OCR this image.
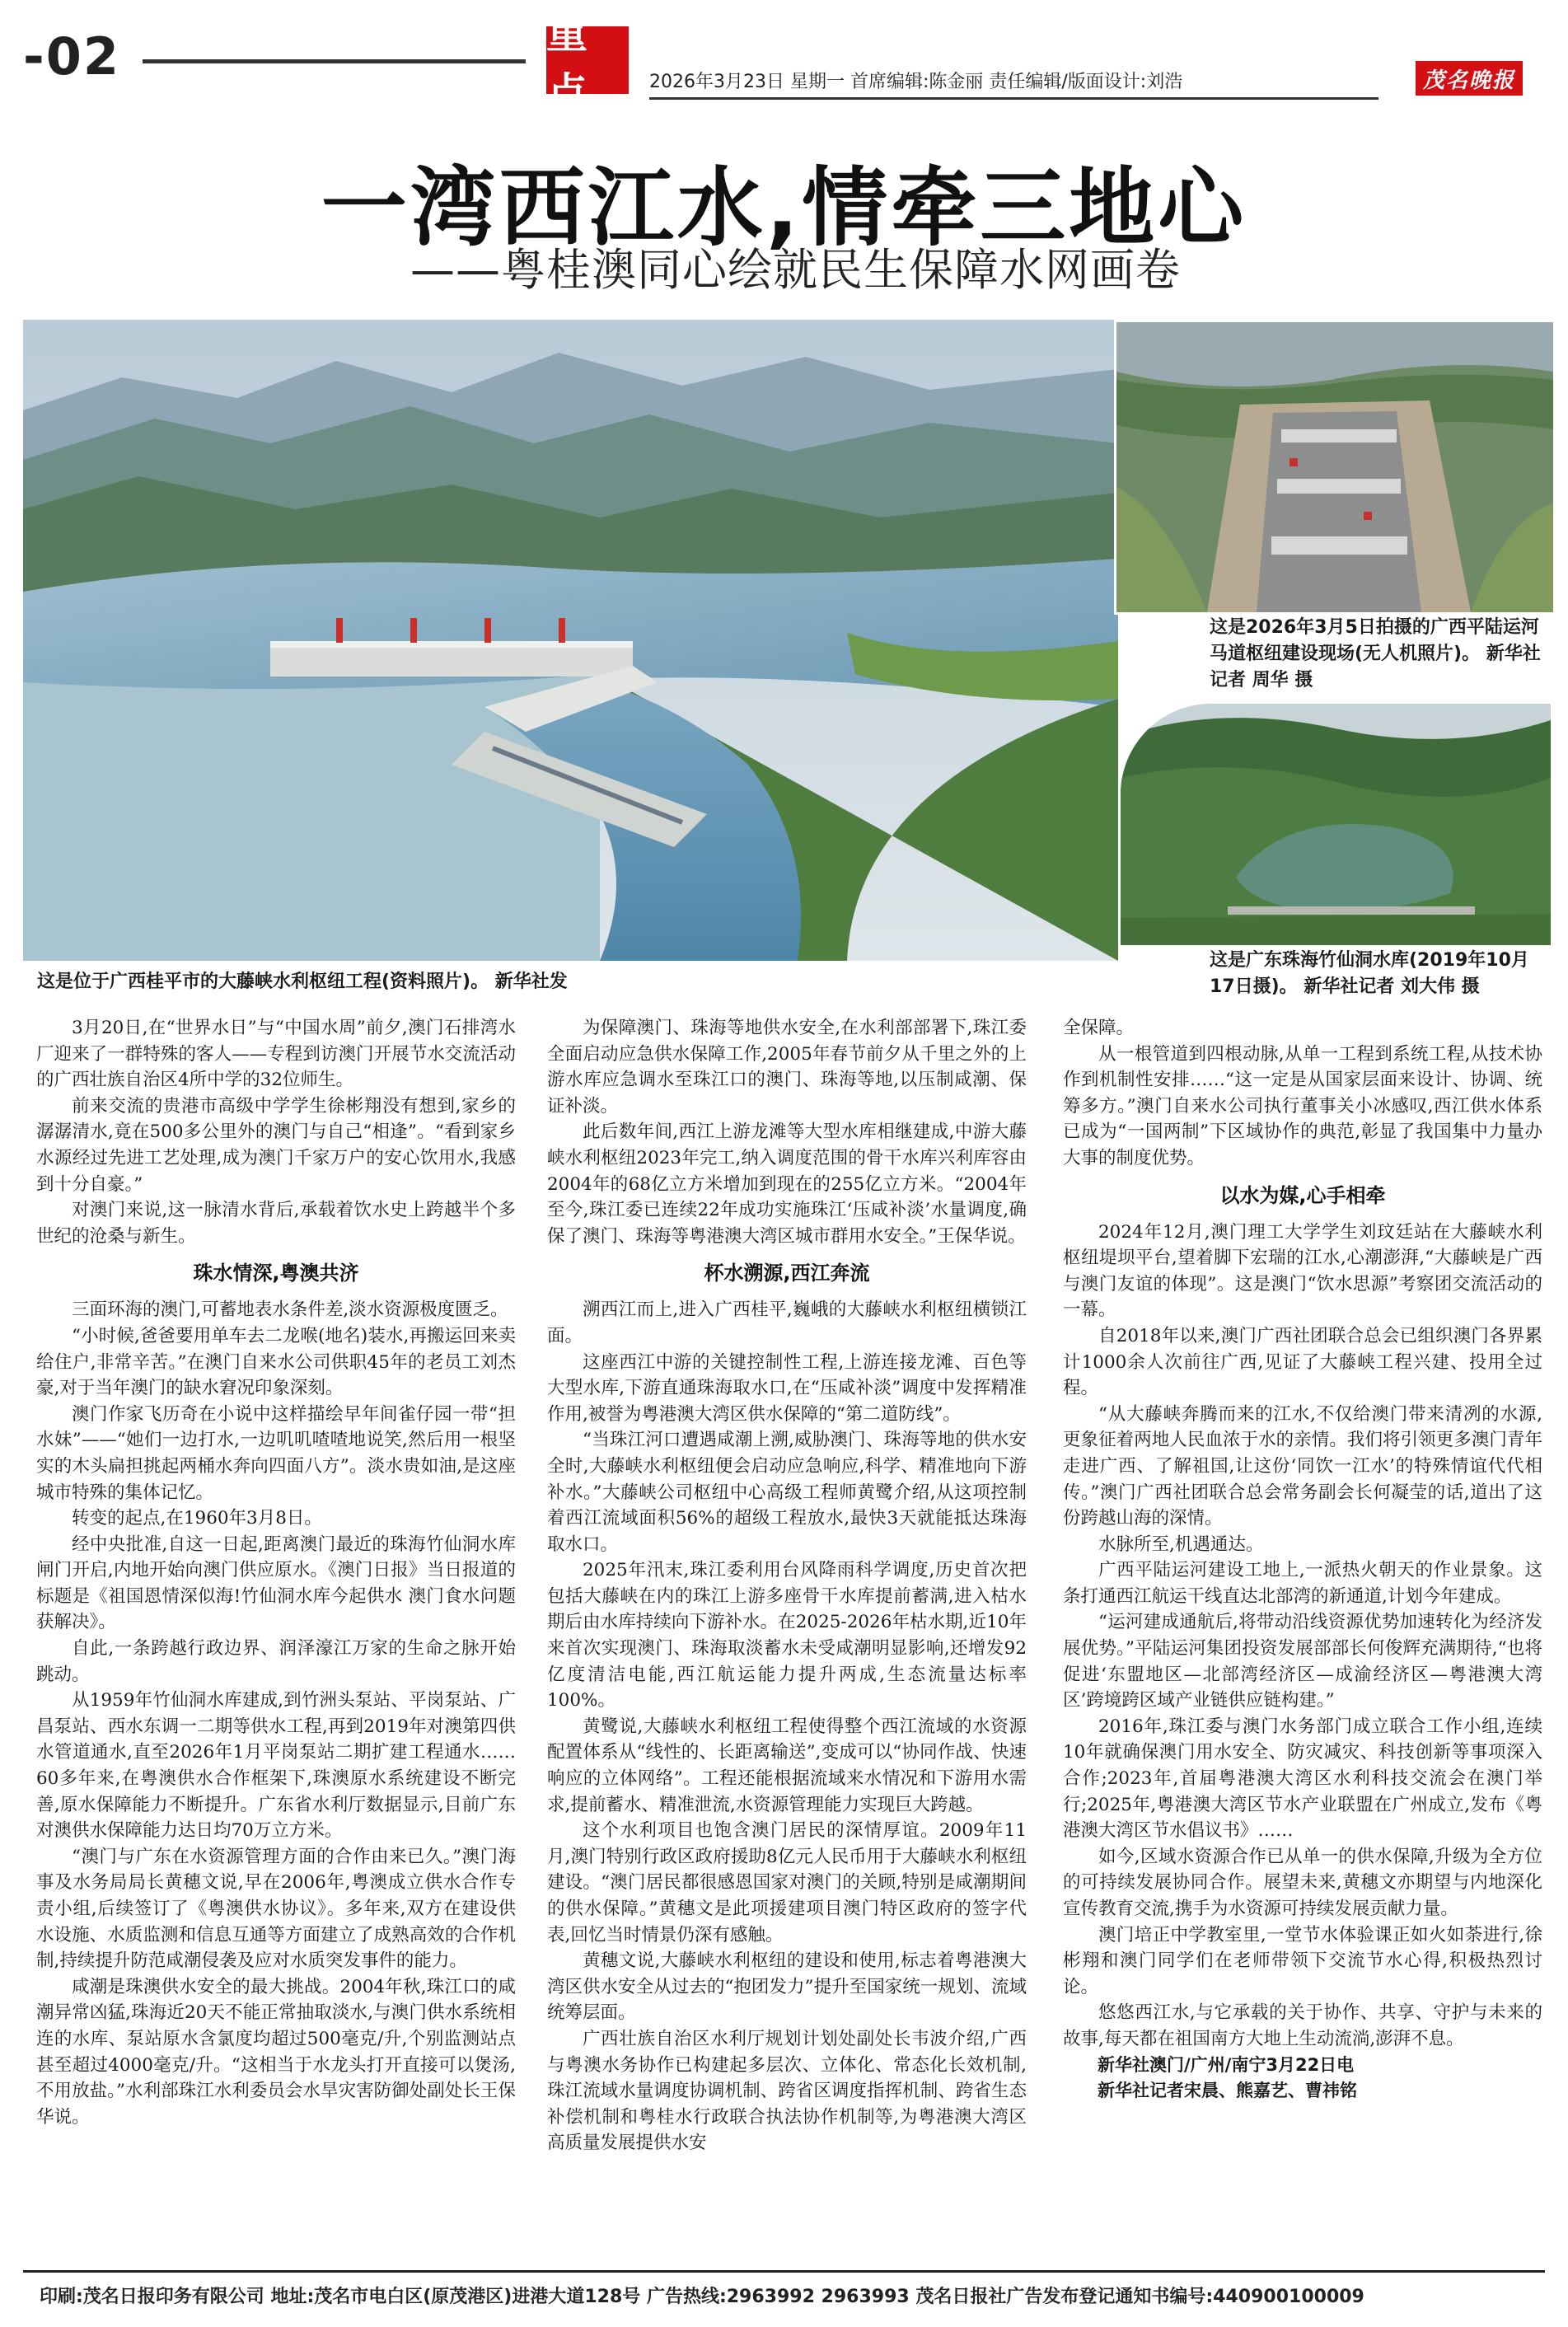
-02	重点	2026年3月23日 星期一 首席编辑:陈金丽 责任编辑/版面设计:刘浩	茂名晚报
一湾西江水,情牵三地心
——粤桂澳同心绘就民生保障水网画卷
这是位于广西桂平市的大藤峡水利枢纽工程(资料照片)。 新华社发
这是2026年3月5日拍摄的广西平陆运河马道枢纽建设现场(无人机照片)。 新华社记者 周华 摄
这是广东珠海竹仙洞水库(2019年10月17日摄)。 新华社记者 刘大伟 摄

3月20日,在“世界水日”与“中国水周”前夕,澳门石排湾水厂迎来了一群特殊的客人——专程到访澳门开展节水交流活动的广西壮族自治区4所中学的32位师生。

前来交流的贵港市高级中学学生徐彬翔没有想到,家乡的潺潺清水,竟在500多公里外的澳门与自己“相逢”。“看到家乡水源经过先进工艺处理,成为澳门千家万户的安心饮用水,我感到十分自豪。”

对澳门来说,这一脉清水背后,承载着饮水史上跨越半个多世纪的沧桑与新生。

珠水情深,粤澳共济

三面环海的澳门,可蓄地表水条件差,淡水资源极度匮乏。

“小时候,爸爸要用单车去二龙喉(地名)装水,再搬运回来卖给住户,非常辛苦。”在澳门自来水公司供职45年的老员工刘杰豪,对于当年澳门的缺水窘况印象深刻。

澳门作家飞历奇在小说中这样描绘早年间雀仔园一带“担水妹”——“她们一边打水,一边叽叽喳喳地说笑,然后用一根坚实的木头扁担挑起两桶水奔向四面八方”。淡水贵如油,是这座城市特殊的集体记忆。

转变的起点,在1960年3月8日。

经中央批准,自这一日起,距离澳门最近的珠海竹仙洞水库闸门开启,内地开始向澳门供应原水。《澳门日报》当日报道的标题是《祖国恩情深似海!竹仙洞水库今起供水 澳门食水问题获解决》。

自此,一条跨越行政边界、润泽濠江万家的生命之脉开始跳动。

从1959年竹仙洞水库建成,到竹洲头泵站、平岗泵站、广昌泵站、西水东调一二期等供水工程,再到2019年对澳第四供水管道通水,直至2026年1月平岗泵站二期扩建工程通水……60多年来,在粤澳供水合作框架下,珠澳原水系统建设不断完善,原水保障能力不断提升。广东省水利厅数据显示,目前广东对澳供水保障能力达日均70万立方米。

“澳门与广东在水资源管理方面的合作由来已久。”澳门海事及水务局局长黄穗文说,早在2006年,粤澳成立供水合作专责小组,后续签订了《粤澳供水协议》。多年来,双方在建设供水设施、水质监测和信息互通等方面建立了成熟高效的合作机制,持续提升防范咸潮侵袭及应对水质突发事件的能力。

咸潮是珠澳供水安全的最大挑战。2004年秋,珠江口的咸潮异常凶猛,珠海近20天不能正常抽取淡水,与澳门供水系统相连的水库、泵站原水含氯度均超过500毫克/升,个别监测站点甚至超过4000毫克/升。“这相当于水龙头打开直接可以煲汤,不用放盐。”水利部珠江水利委员会水旱灾害防御处副处长王保华说。

为保障澳门、珠海等地供水安全,在水利部部署下,珠江委全面启动应急供水保障工作,2005年春节前夕从千里之外的上游水库应急调水至珠江口的澳门、珠海等地,以压制咸潮、保证补淡。

此后数年间,西江上游龙滩等大型水库相继建成,中游大藤峡水利枢纽2023年完工,纳入调度范围的骨干水库兴利库容由2004年的68亿立方米增加到现在的255亿立方米。“2004年至今,珠江委已连续22年成功实施珠江‘压咸补淡’水量调度,确保了澳门、珠海等粤港澳大湾区城市群用水安全。”王保华说。

杯水溯源,西江奔流

溯西江而上,进入广西桂平,巍峨的大藤峡水利枢纽横锁江面。

这座西江中游的关键控制性工程,上游连接龙滩、百色等大型水库,下游直通珠海取水口,在“压咸补淡”调度中发挥精准作用,被誉为粤港澳大湾区供水保障的“第二道防线”。

“当珠江河口遭遇咸潮上溯,威胁澳门、珠海等地的供水安全时,大藤峡水利枢纽便会启动应急响应,科学、精准地向下游补水。”大藤峡公司枢纽中心高级工程师黄鹭介绍,从这项控制着西江流域面积56%的超级工程放水,最快3天就能抵达珠海取水口。

2025年汛末,珠江委利用台风降雨科学调度,历史首次把包括大藤峡在内的珠江上游多座骨干水库提前蓄满,进入枯水期后由水库持续向下游补水。在2025-2026年枯水期,近10年来首次实现澳门、珠海取淡蓄水未受咸潮明显影响,还增发92亿度清洁电能,西江航运能力提升两成,生态流量达标率100%。

黄鹭说,大藤峡水利枢纽工程使得整个西江流域的水资源配置体系从“线性的、长距离输送”,变成可以“协同作战、快速响应的立体网络”。工程还能根据流域来水情况和下游用水需求,提前蓄水、精准泄流,水资源管理能力实现巨大跨越。

这个水利项目也饱含澳门居民的深情厚谊。2009年11月,澳门特别行政区政府援助8亿元人民币用于大藤峡水利枢纽建设。“澳门居民都很感恩国家对澳门的关顾,特别是咸潮期间的供水保障。”黄穗文是此项援建项目澳门特区政府的签字代表,回忆当时情景仍深有感触。

黄穗文说,大藤峡水利枢纽的建设和使用,标志着粤港澳大湾区供水安全从过去的“抱团发力”提升至国家统一规划、流域统筹层面。

广西壮族自治区水利厅规划计划处副处长韦波介绍,广西与粤澳水务协作已构建起多层次、立体化、常态化长效机制,珠江流域水量调度协调机制、跨省区调度指挥机制、跨省生态补偿机制和粤桂水行政联合执法协作机制等,为粤港澳大湾区高质量发展提供水安

全保障。

从一根管道到四根动脉,从单一工程到系统工程,从技术协作到机制性安排……“这一定是从国家层面来设计、协调、统筹多方。”澳门自来水公司执行董事关小冰感叹,西江供水体系已成为“一国两制”下区域协作的典范,彰显了我国集中力量办大事的制度优势。

以水为媒,心手相牵

2024年12月,澳门理工大学学生刘玟廷站在大藤峡水利枢纽堤坝平台,望着脚下宏瑞的江水,心潮澎湃,“大藤峡是广西与澳门友谊的体现”。这是澳门“饮水思源”考察团交流活动的一幕。

自2018年以来,澳门广西社团联合总会已组织澳门各界累计1000余人次前往广西,见证了大藤峡工程兴建、投用全过程。

“从大藤峡奔腾而来的江水,不仅给澳门带来清冽的水源,更象征着两地人民血浓于水的亲情。我们将引领更多澳门青年走进广西、了解祖国,让这份‘同饮一江水’的特殊情谊代代相传。”澳门广西社团联合总会常务副会长何凝莹的话,道出了这份跨越山海的深情。

水脉所至,机遇通达。

广西平陆运河建设工地上,一派热火朝天的作业景象。这条打通西江航运干线直达北部湾的新通道,计划今年建成。

“运河建成通航后,将带动沿线资源优势加速转化为经济发展优势。”平陆运河集团投资发展部部长何俊辉充满期待,“也将促进‘东盟地区—北部湾经济区—成渝经济区—粤港澳大湾区’跨境跨区域产业链供应链构建。”

2016年,珠江委与澳门水务部门成立联合工作小组,连续10年就确保澳门用水安全、防灾减灾、科技创新等事项深入合作;2023年,首届粤港澳大湾区水利科技交流会在澳门举行;2025年,粤港澳大湾区节水产业联盟在广州成立,发布《粤港澳大湾区节水倡议书》……

如今,区域水资源合作已从单一的供水保障,升级为全方位的可持续发展协同合作。展望未来,黄穗文亦期望与内地深化宣传教育交流,携手为水资源可持续发展贡献力量。

澳门培正中学教室里,一堂节水体验课正如火如荼进行,徐彬翔和澳门同学们在老师带领下交流节水心得,积极热烈讨论。

悠悠西江水,与它承载的关于协作、共享、守护与未来的故事,每天都在祖国南方大地上生动流淌,澎湃不息。

新华社澳门/广州/南宁3月22日电
新华社记者宋晨、熊嘉艺、曹祎铭
印刷:茂名日报印务有限公司 地址:茂名市电白区(原茂港区)进港大道128号 广告热线:2963992 2963993 茂名日报社广告发布登记通知书编号:440900100009
